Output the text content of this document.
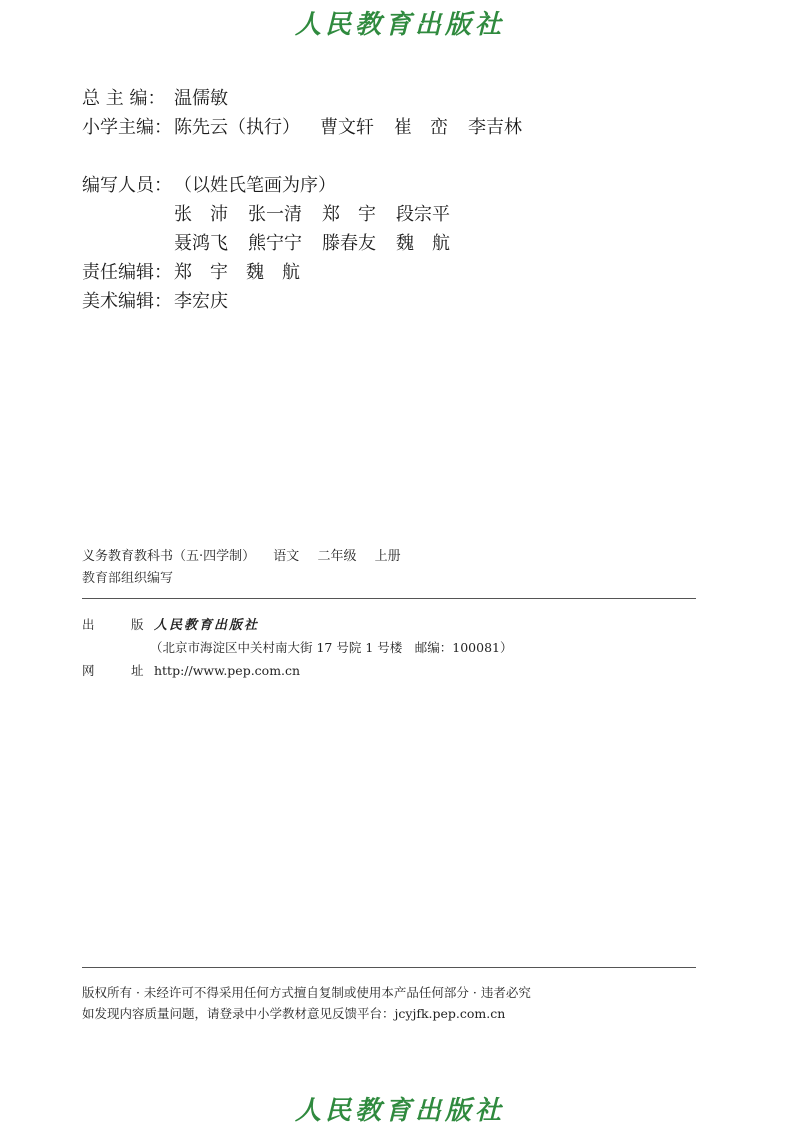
人民教育出版社
总 主 编： 温儒敏
小学主编： 陈先云（执行） 曹文轩 崔　峦 李吉林
编写人员： （以姓氏笔画为序）
张　沛 张一清 郑　宇 段宗平
聂鸿飞 熊宁宁 滕春友 魏　航
责任编辑： 郑　宇　魏　航
美术编辑： 李宏庆
义务教育教科书（五·四学制） 语文 二年级 上册
教育部组织编写
出　版 人民教育出版社
（北京市海淀区中关村南大街 17 号院 1 号楼　邮编：100081）
网　址 http://www.pep.com.cn
版权所有 · 未经许可不得采用任何方式擅自复制或使用本产品任何部分 · 违者必究
如发现内容质量问题，请登录中小学教材意见反馈平台：jcyjfk.pep.com.cn
人民教育出版社
